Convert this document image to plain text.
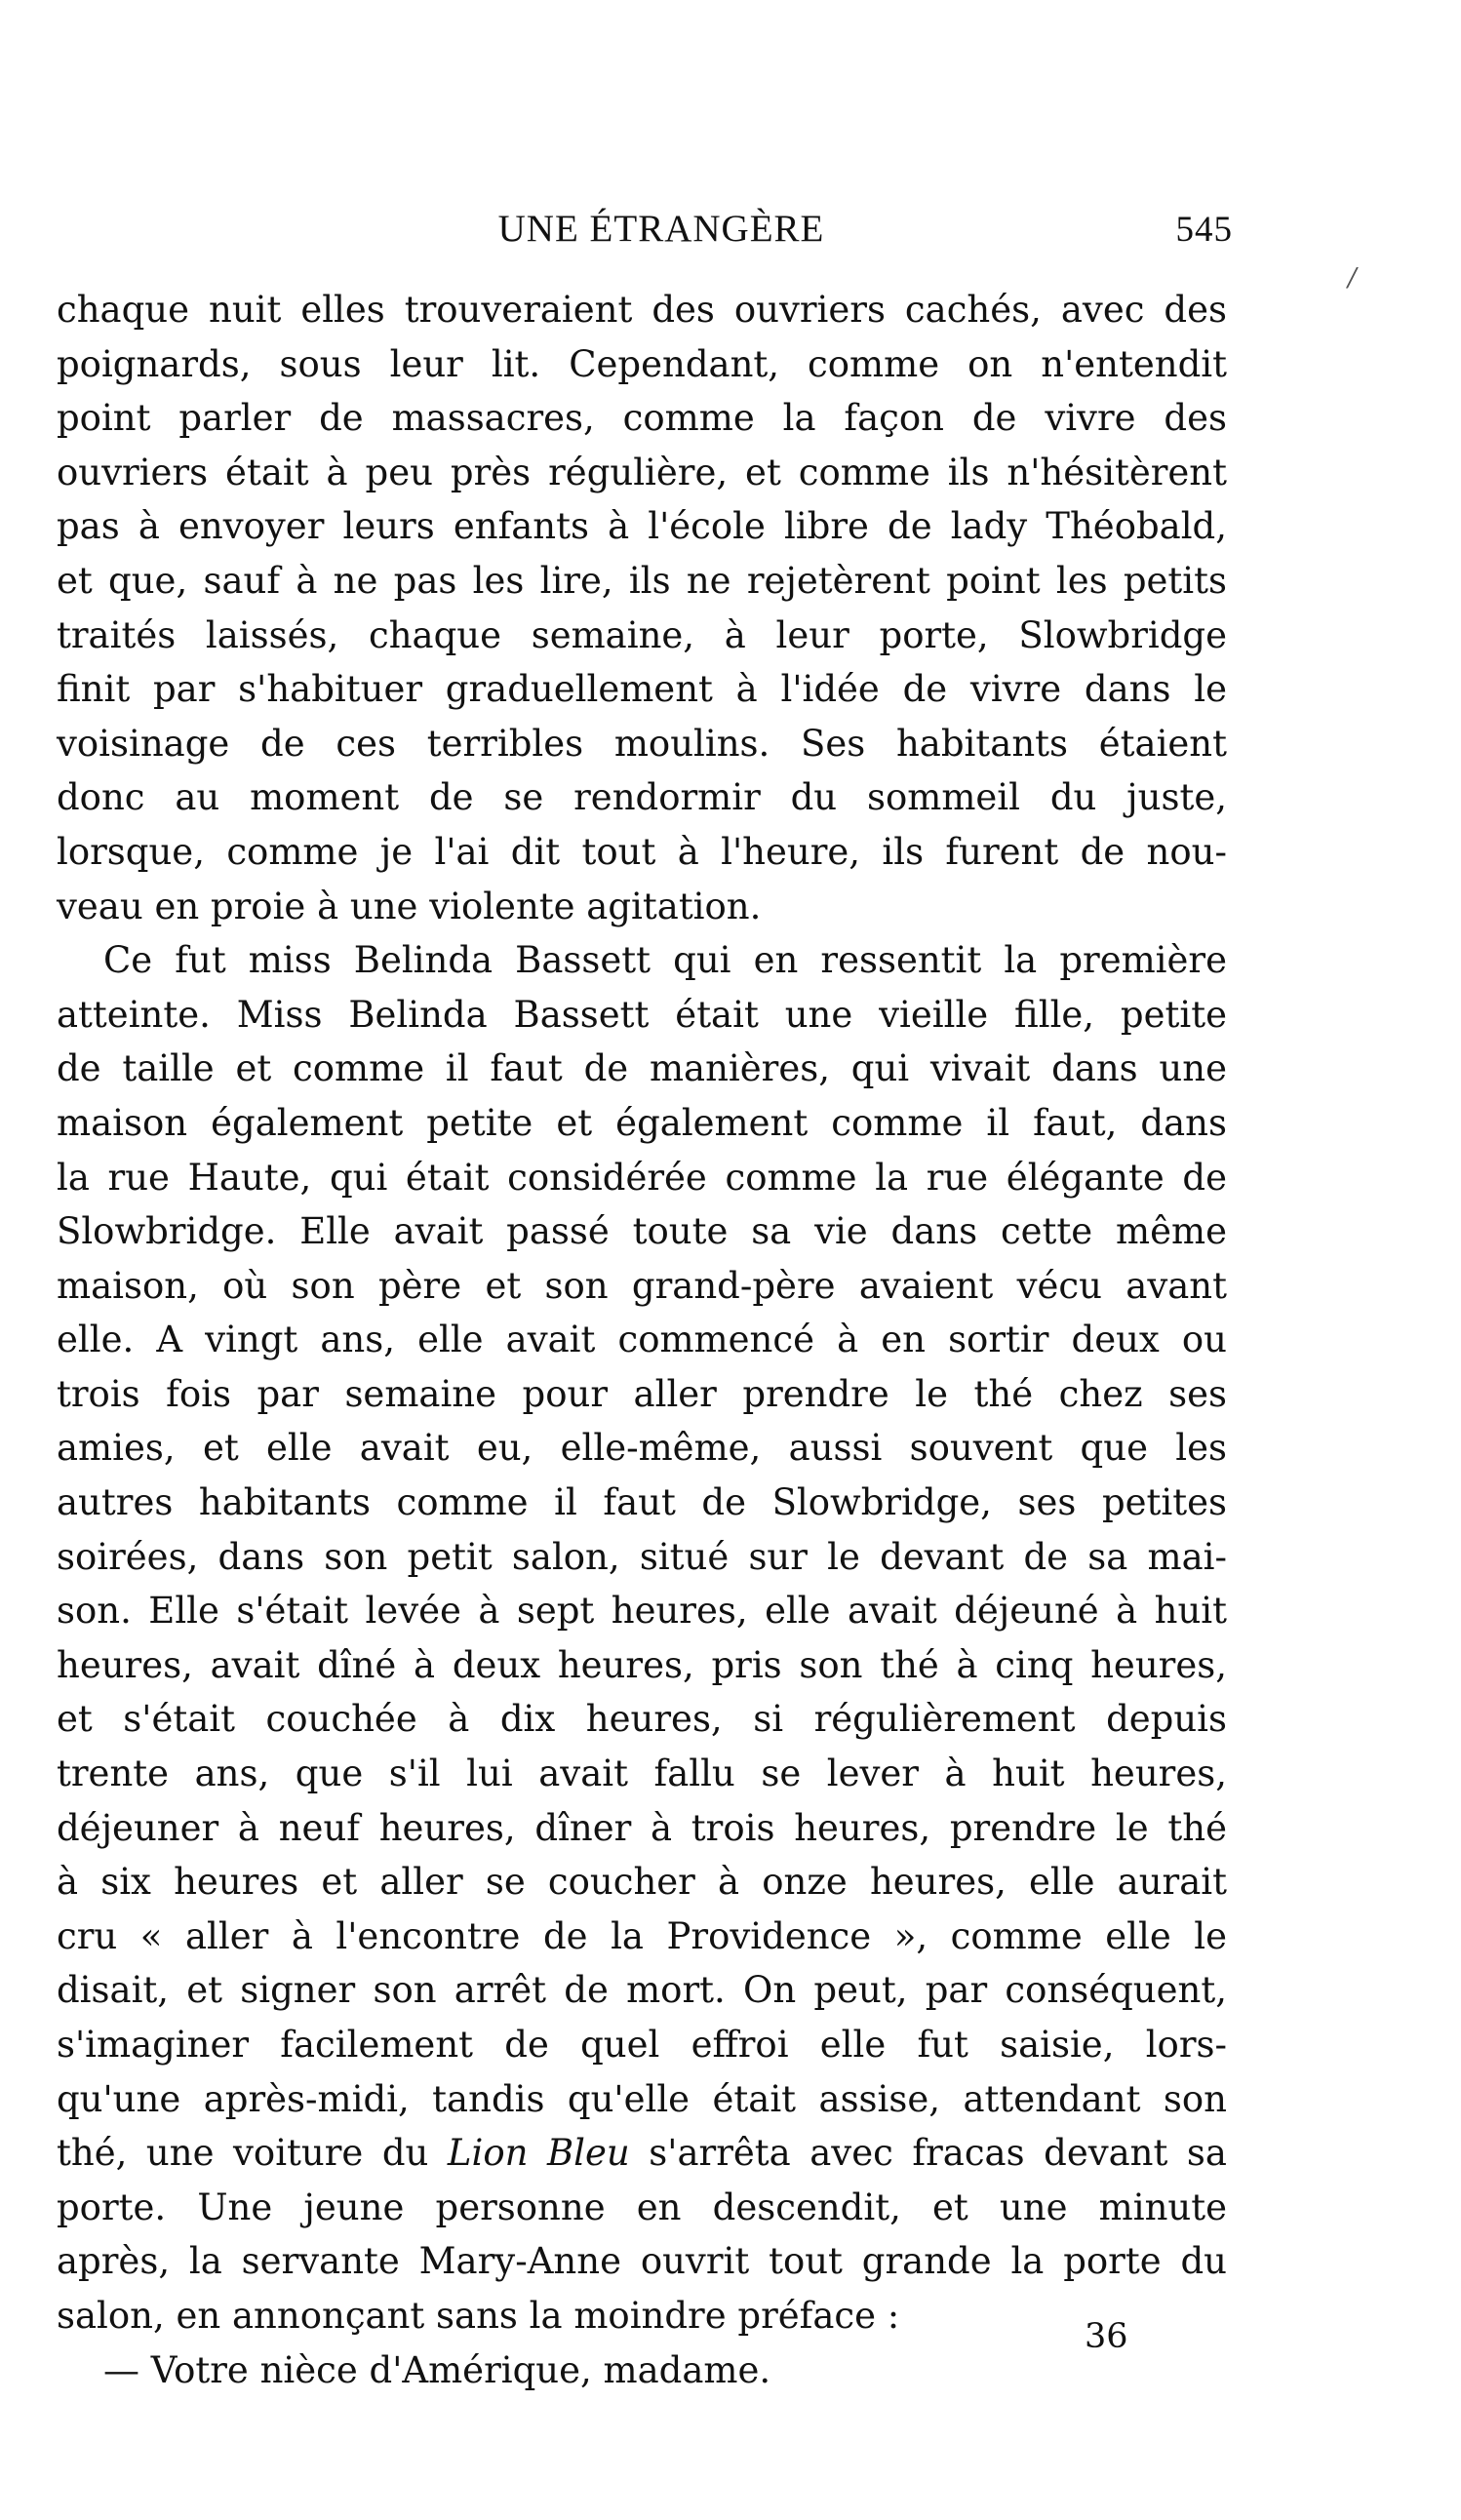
UNE ÉTRANGÈRE	545
chaque nuit elles trouveraient des ouvriers cachés, avec des
poignards, sous leur lit. Cependant, comme on n'entendit
point parler de massacres, comme la façon de vivre des
ouvriers était à peu près régulière, et comme ils n'hésitèrent
pas à envoyer leurs enfants à l'école libre de lady Théobald,
et que, sauf à ne pas les lire, ils ne rejetèrent point les petits
traités laissés, chaque semaine, à leur porte, Slowbridge
finit par s'habituer graduellement à l'idée de vivre dans le
voisinage de ces terribles moulins. Ses habitants étaient
donc au moment de se rendormir du sommeil du juste,
lorsque, comme je l'ai dit tout à l'heure, ils furent de nou-
veau en proie à une violente agitation.
Ce fut miss Belinda Bassett qui en ressentit la première
atteinte. Miss Belinda Bassett était une vieille fille, petite
de taille et comme il faut de manières, qui vivait dans une
maison également petite et également comme il faut, dans
la rue Haute, qui était considérée comme la rue élégante de
Slowbridge. Elle avait passé toute sa vie dans cette même
maison, où son père et son grand-père avaient vécu avant
elle. A vingt ans, elle avait commencé à en sortir deux ou
trois fois par semaine pour aller prendre le thé chez ses
amies, et elle avait eu, elle-même, aussi souvent que les
autres habitants comme il faut de Slowbridge, ses petites
soirées, dans son petit salon, situé sur le devant de sa mai-
son. Elle s'était levée à sept heures, elle avait déjeuné à huit
heures, avait dîné à deux heures, pris son thé à cinq heures,
et s'était couchée à dix heures, si régulièrement depuis
trente ans, que s'il lui avait fallu se lever à huit heures,
déjeuner à neuf heures, dîner à trois heures, prendre le thé
à six heures et aller se coucher à onze heures, elle aurait
cru « aller à l'encontre de la Providence », comme elle le
disait, et signer son arrêt de mort. On peut, par conséquent,
s'imaginer facilement de quel effroi elle fut saisie, lors-
qu'une après-midi, tandis qu'elle était assise, attendant son
thé, une voiture du Lion Bleu s'arrêta avec fracas devant sa
porte. Une jeune personne en descendit, et une minute
après, la servante Mary-Anne ouvrit tout grande la porte du
salon, en annonçant sans la moindre préface :
— Votre nièce d'Amérique, madame.
36
/
